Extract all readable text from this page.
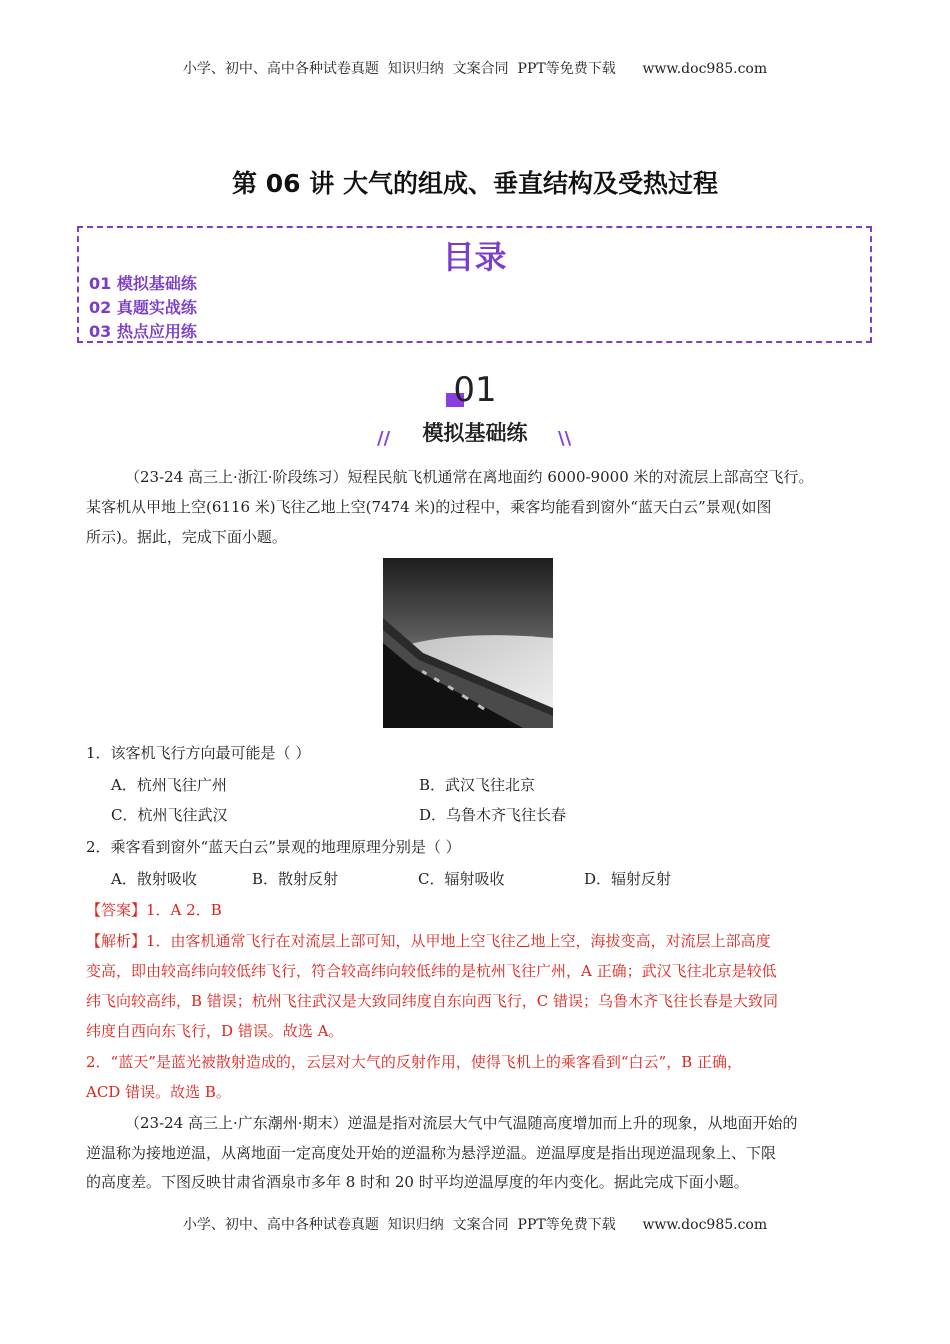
小学、初中、高中各种试卷真题  知识归纳  文案合同  PPT等免费下载      www.doc985.com
第 06 讲 大气的组成、垂直结构及受热过程
目录
01 模拟基础练
02 真题实战练
03 热点应用练
01
//	模拟基础练	\\
（23-24 高三上·浙江·阶段练习）短程民航飞机通常在离地面约 6000-9000 米的对流层上部高空飞行。
某客机从甲地上空(6116 米)飞往乙地上空(7474 米)的过程中，乘客均能看到窗外“蓝天白云”景观(如图
所示)。据此，完成下面小题。
1．该客机飞行方向最可能是（ ）
A．杭州飞往广州	B．武汉飞往北京
C．杭州飞往武汉	D．乌鲁木齐飞往长春
2．乘客看到窗外“蓝天白云”景观的地理原理分别是（ ）
A．散射吸收	B．散射反射	C．辐射吸收	D．辐射反射
【答案】1．A 2．B
【解析】1．由客机通常飞行在对流层上部可知，从甲地上空飞往乙地上空，海拔变高，对流层上部高度
变高，即由较高纬向较低纬飞行，符合较高纬向较低纬的是杭州飞往广州，A 正确；武汉飞往北京是较低
纬飞向较高纬，B 错误；杭州飞往武汉是大致同纬度自东向西飞行，C 错误；乌鲁木齐飞往长春是大致同
纬度自西向东飞行，D 错误。故选 A。
2．“蓝天”是蓝光被散射造成的，云层对大气的反射作用，使得飞机上的乘客看到“白云”，B 正确，
ACD 错误。故选 B。
（23-24 高三上·广东潮州·期末）逆温是指对流层大气中气温随高度增加而上升的现象，从地面开始的
逆温称为接地逆温，从离地面一定高度处开始的逆温称为悬浮逆温。逆温厚度是指出现逆温现象上、下限
的高度差。下图反映甘肃省酒泉市多年 8 时和 20 时平均逆温厚度的年内变化。据此完成下面小题。
小学、初中、高中各种试卷真题  知识归纳  文案合同  PPT等免费下载      www.doc985.com
